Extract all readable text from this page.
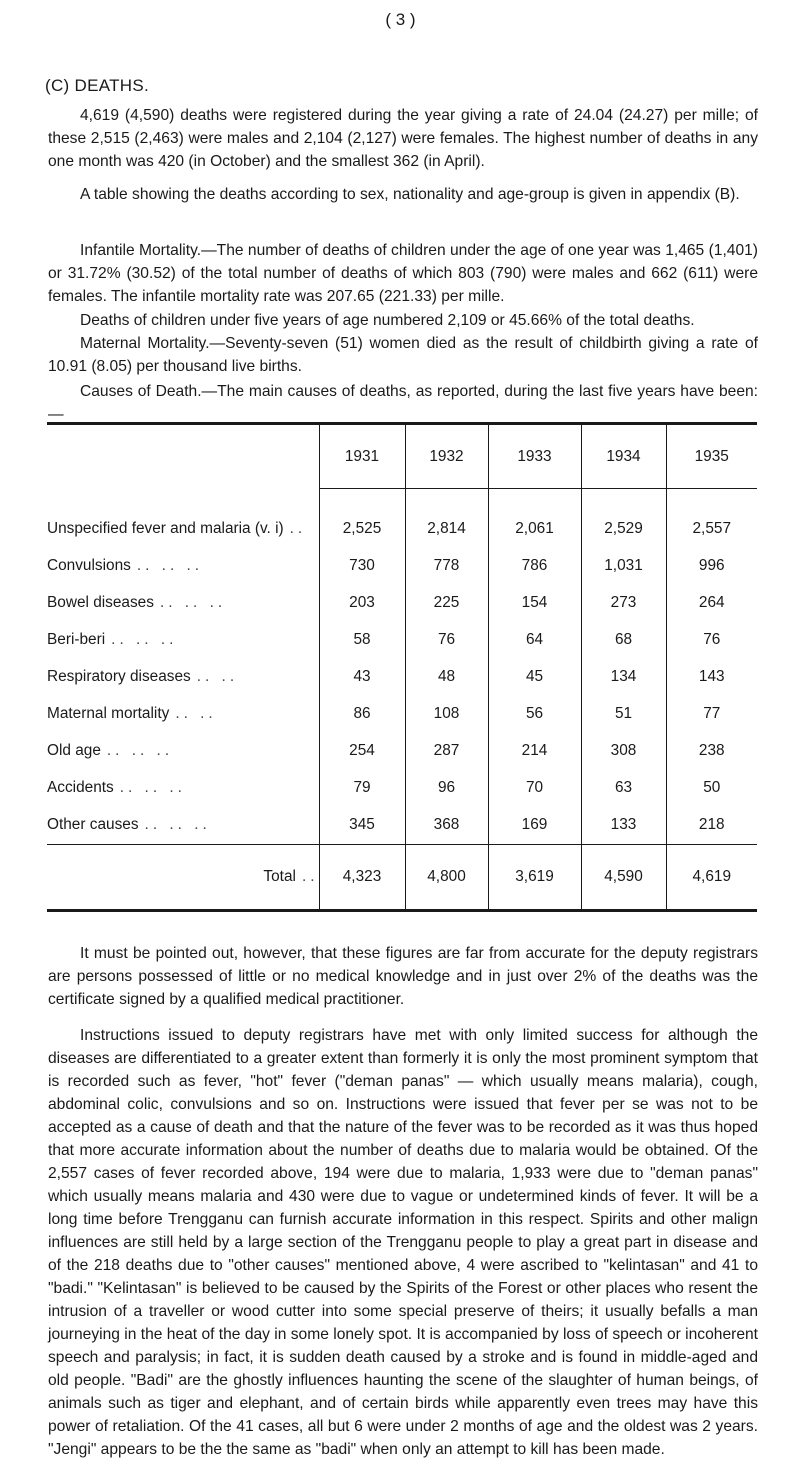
( 3 )
(C) DEATHS.

4,619 (4,590) deaths were registered during the year giving a rate of 24.04 (24.27) per mille; of these 2,515 (2,463) were males and 2,104 (2,127) were females. The highest number of deaths in any one month was 420 (in October) and the smallest 362 (in April).

A table showing the deaths according to sex, nationality and age-group is given in appendix (B).

Infantile Mortality.—The number of deaths of children under the age of one year was 1,465 (1,401) or 31.72% (30.52) of the total number of deaths of which 803 (790) were males and 662 (611) were females. The infantile mortality rate was 207.65 (221.33) per mille.

Deaths of children under five years of age numbered 2,109 or 45.66% of the total deaths.

Maternal Mortality.—Seventy-seven (51) women died as the result of childbirth giving a rate of 10.91 (8.05) per thousand live births.

Causes of Death.—The main causes of deaths, as reported, during the last five years have been:—

	1931	1932	1933	1934	1935
Unspecified fever and malaria (v. i) ..	2,525	2,814	2,061	2,529	2,557
Convulsions .. .. ..	730	778	786	1,031	996
Bowel diseases .. .. ..	203	225	154	273	264
Beri-beri .. .. ..	58	76	64	68	76
Respiratory diseases .. ..	43	48	45	134	143
Maternal mortality .. ..	86	108	56	51	77
Old age .. .. ..	254	287	214	308	238
Accidents .. .. ..	79	96	70	63	50
Other causes .. .. ..	345	368	169	133	218
Total ..	4,323	4,800	3,619	4,590	4,619

It must be pointed out, however, that these figures are far from accurate for the deputy registrars are persons possessed of little or no medical knowledge and in just over 2% of the deaths was the certificate signed by a qualified medical practitioner.

Instructions issued to deputy registrars have met with only limited success for although the diseases are differentiated to a greater extent than formerly it is only the most prominent symptom that is recorded such as fever, "hot" fever ("deman panas" — which usually means malaria), cough, abdominal colic, convulsions and so on. Instructions were issued that fever per se was not to be accepted as a cause of death and that the nature of the fever was to be recorded as it was thus hoped that more accurate information about the number of deaths due to malaria would be obtained. Of the 2,557 cases of fever recorded above, 194 were due to malaria, 1,933 were due to "deman panas" which usually means malaria and 430 were due to vague or undetermined kinds of fever. It will be a long time before Trengganu can furnish accurate information in this respect. Spirits and other malign influences are still held by a large section of the Trengganu people to play a great part in disease and of the 218 deaths due to "other causes" mentioned above, 4 were ascribed to "kelintasan" and 41 to "badi." "Kelintasan" is believed to be caused by the Spirits of the Forest or other places who resent the intrusion of a traveller or wood cutter into some special preserve of theirs; it usually befalls a man journeying in the heat of the day in some lonely spot. It is accompanied by loss of speech or incoherent speech and paralysis; in fact, it is sudden death caused by a stroke and is found in middle-aged and old people. "Badi" are the ghostly influences haunting the scene of the slaughter of human beings, of animals such as tiger and elephant, and of certain birds while apparently even trees may have this power of retaliation. Of the 41 cases, all but 6 were under 2 months of age and the oldest was 2 years. "Jengi" appears to be the the same as "badi" when only an attempt to kill has been made.
